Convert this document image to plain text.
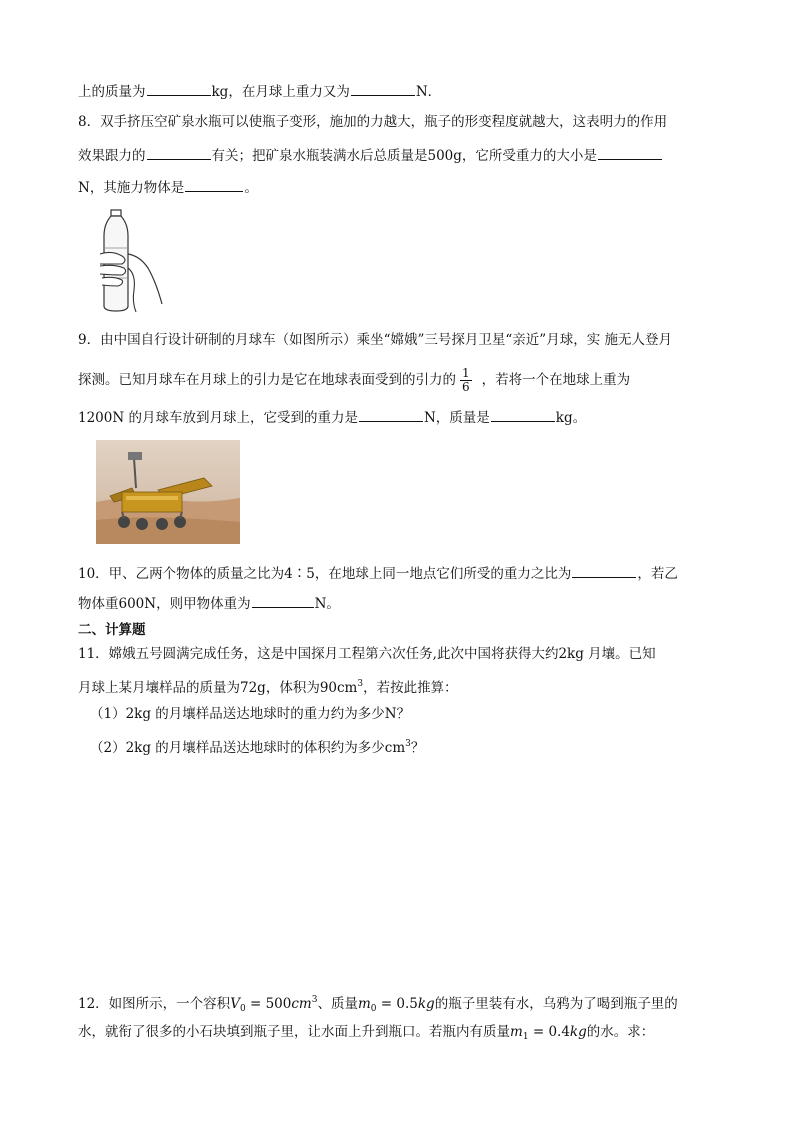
上的质量为	kg，在月球上重力又为	N．
8．双手挤压空矿泉水瓶可以使瓶子变形，施加的力越大，瓶子的形变程度就越大，这表明力的作用
效果跟力的	有关；把矿泉水瓶装满水后总质量是500g，它所受重力的大小是
N，其施力物体是	。
9．由中国自行设计研制的月球车（如图所示）乘坐“嫦娥”三号探月卫星“亲近”月球，实 施无人登月
探测。已知月球车在月球上的引力是它在地球表面受到的引力的 $\frac{1}{6}$ ，若将一个在地球上重为
1200N 的月球车放到月球上，它受到的重力是	N，质量是	kg。
10．甲、乙两个物体的质量之比为4∶5，在地球上同一地点它们所受的重力之比为	，若乙
物体重600N，则甲物体重为	N。
二、计算题
11．嫦娥五号圆满完成任务，这是中国探月工程第六次任务,此次中国将获得大约2kg 月壤。已知
月球上某月壤样品的质量为72g，体积为$90cm^3$，若按此推算：
（1）2kg 的月壤样品送达地球时的重力约为多少N？
（2）2kg 的月壤样品送达地球时的体积约为多少$cm^3$？
12．如图所示，一个容积$V_0 = 500cm^3$、质量$m_0 = 0.5kg$的瓶子里装有水，乌鸦为了喝到瓶子里的
水，就衔了很多的小石块填到瓶子里，让水面上升到瓶口。若瓶内有质量$m_1 = 0.4kg$的水。求：
